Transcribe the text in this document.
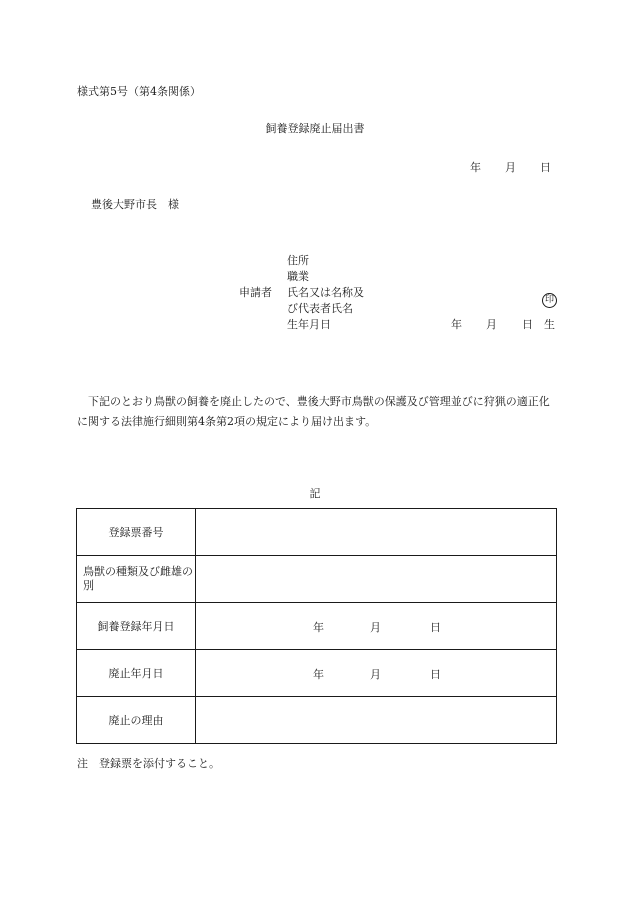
様式第5号（第4条関係）
飼養登録廃止届出書
年 月 日
豊後大野市長　様
申請者
住所
職業
氏名又は名称及
び代表者氏名
印
生年月日	年 月 日 生
下記のとおり鳥獣の飼養を廃止したので、豊後大野市鳥獣の保護及び管理並びに狩猟の適正化に関する法律施行細則第4条第2項の規定により届け出ます。
記
登録票番号	
鳥獣の種類及び雌雄の別	
飼養登録年月日	年 月 日

廃止年月日	年 月 日

廃止の理由	
注　登録票を添付すること。
